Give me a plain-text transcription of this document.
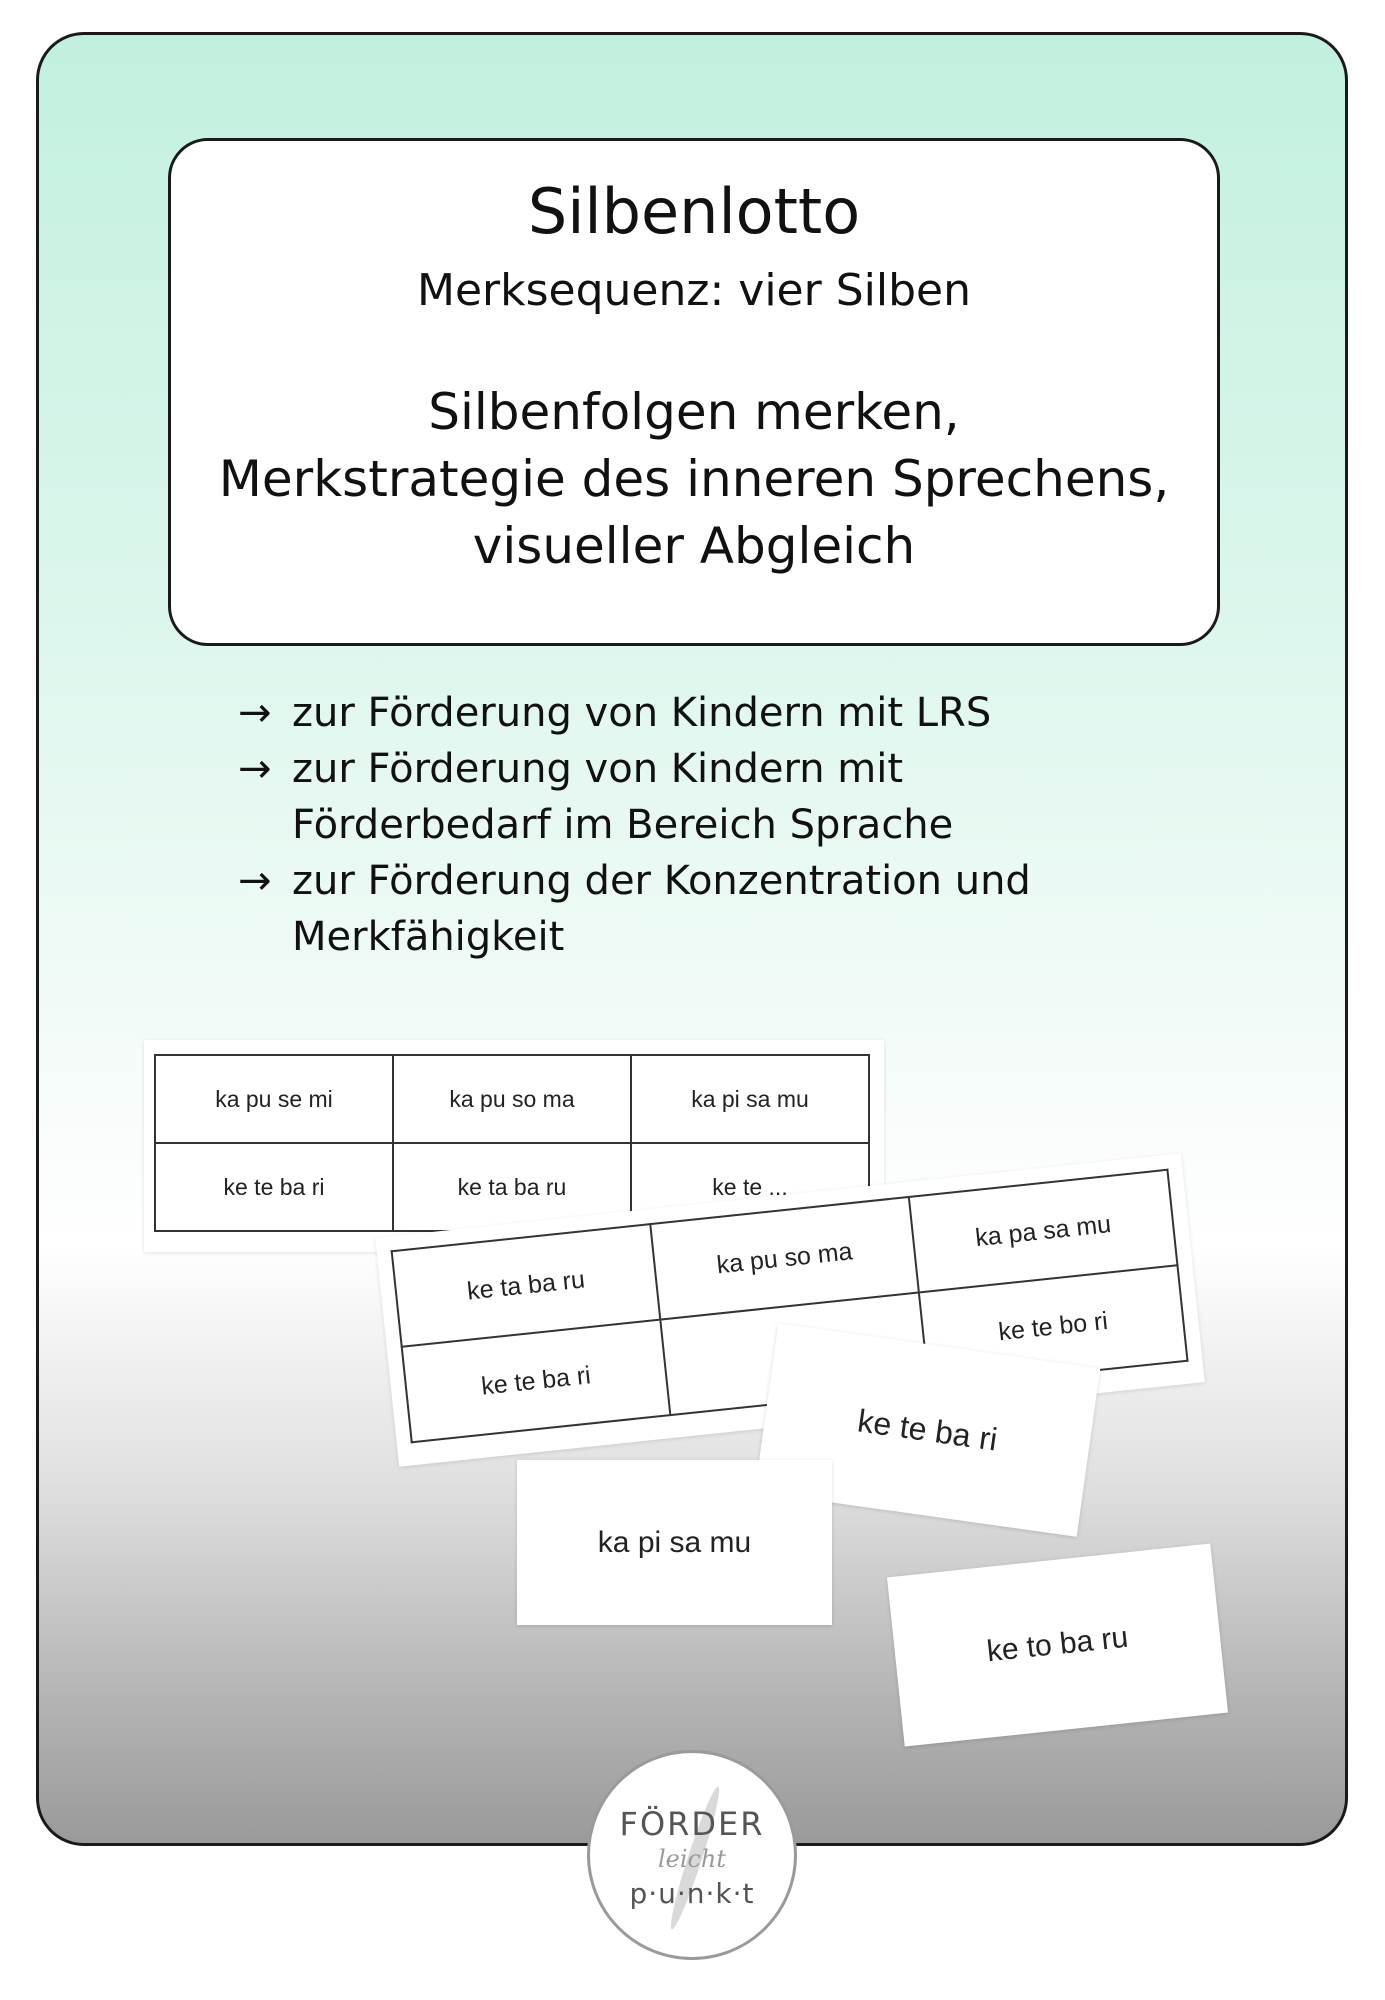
Silbenlotto
Merksequenz: vier Silben
Silbenfolgen merken,
Merkstrategie des inneren Sprechens,
visueller Abgleich
→ zur Förderung von Kindern mit LRS
→ zur Förderung von Kindern mit
Förderbedarf im Bereich Sprache
→ zur Förderung der Konzentration und
Merkfähigkeit
ka pu se mi	ka pu so ma	ka pi sa mu
ke te ba ri	ke ta ba ru	ke te ...
ke ta ba ru	ka pu so ma	ka pa sa mu
ke te ba ri		ke te bo ri
ke te ba ri
ka pi sa mu
ke to ba ru
FÖRDER
leicht
p·u·n·k·t
